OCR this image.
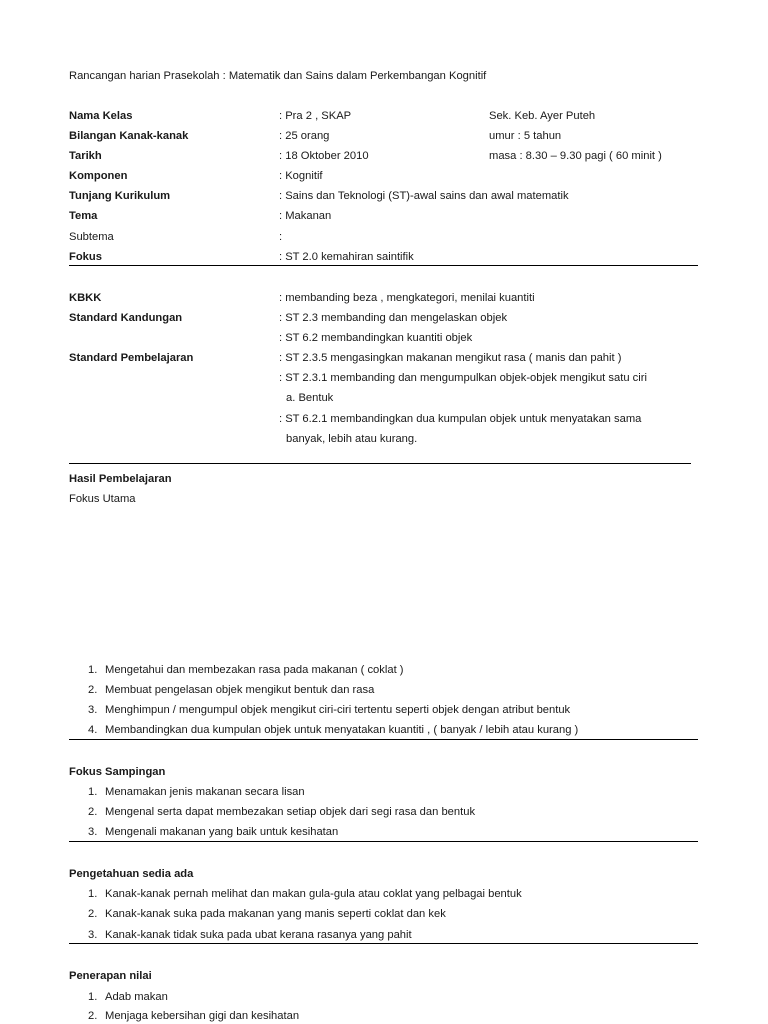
Rancangan harian Prasekolah : Matematik dan Sains dalam Perkembangan Kognitif
Nama Kelas	: Pra 2 , SKAP	Sek. Keb. Ayer Puteh
Bilangan Kanak-kanak	: 25 orang	umur : 5 tahun
Tarikh	: 18 Oktober 2010	masa : 8.30 – 9.30 pagi ( 60 minit )
Komponen	: Kognitif
Tunjang Kurikulum	: Sains dan Teknologi (ST)-awal sains dan awal matematik
Tema	: Makanan
Subtema	:
Fokus	: ST 2.0 kemahiran saintifik
KBKK	: membanding beza , mengkategori, menilai kuantiti
Standard Kandungan	: ST 2.3 membanding dan mengelaskan objek
: ST 6.2 membandingkan kuantiti objek
Standard Pembelajaran	: ST 2.3.5 mengasingkan makanan mengikut rasa ( manis dan pahit )
: ST 2.3.1 membanding dan mengumpulkan objek-objek mengikut satu ciri
a. Bentuk
: ST 6.2.1 membandingkan dua kumpulan objek untuk menyatakan sama
banyak, lebih atau kurang.
Hasil Pembelajaran
Fokus Utama
1. Mengetahui dan membezakan rasa pada makanan ( coklat )
2. Membuat pengelasan objek mengikut bentuk dan rasa
3. Menghimpun / mengumpul objek mengikut ciri-ciri tertentu seperti objek dengan atribut bentuk
4. Membandingkan dua kumpulan objek untuk menyatakan kuantiti , ( banyak / lebih atau kurang )
Fokus Sampingan
1. Menamakan jenis makanan secara lisan
2. Mengenal serta dapat membezakan setiap objek dari segi rasa dan bentuk
3. Mengenali makanan yang baik untuk kesihatan
Pengetahuan sedia ada
1. Kanak-kanak pernah melihat dan makan gula-gula atau coklat yang pelbagai bentuk
2. Kanak-kanak suka pada makanan yang manis seperti coklat dan kek
3. Kanak-kanak tidak suka pada ubat kerana rasanya yang pahit
Penerapan nilai
1. Adab makan
2. Menjaga kebersihan gigi dan kesihatan
